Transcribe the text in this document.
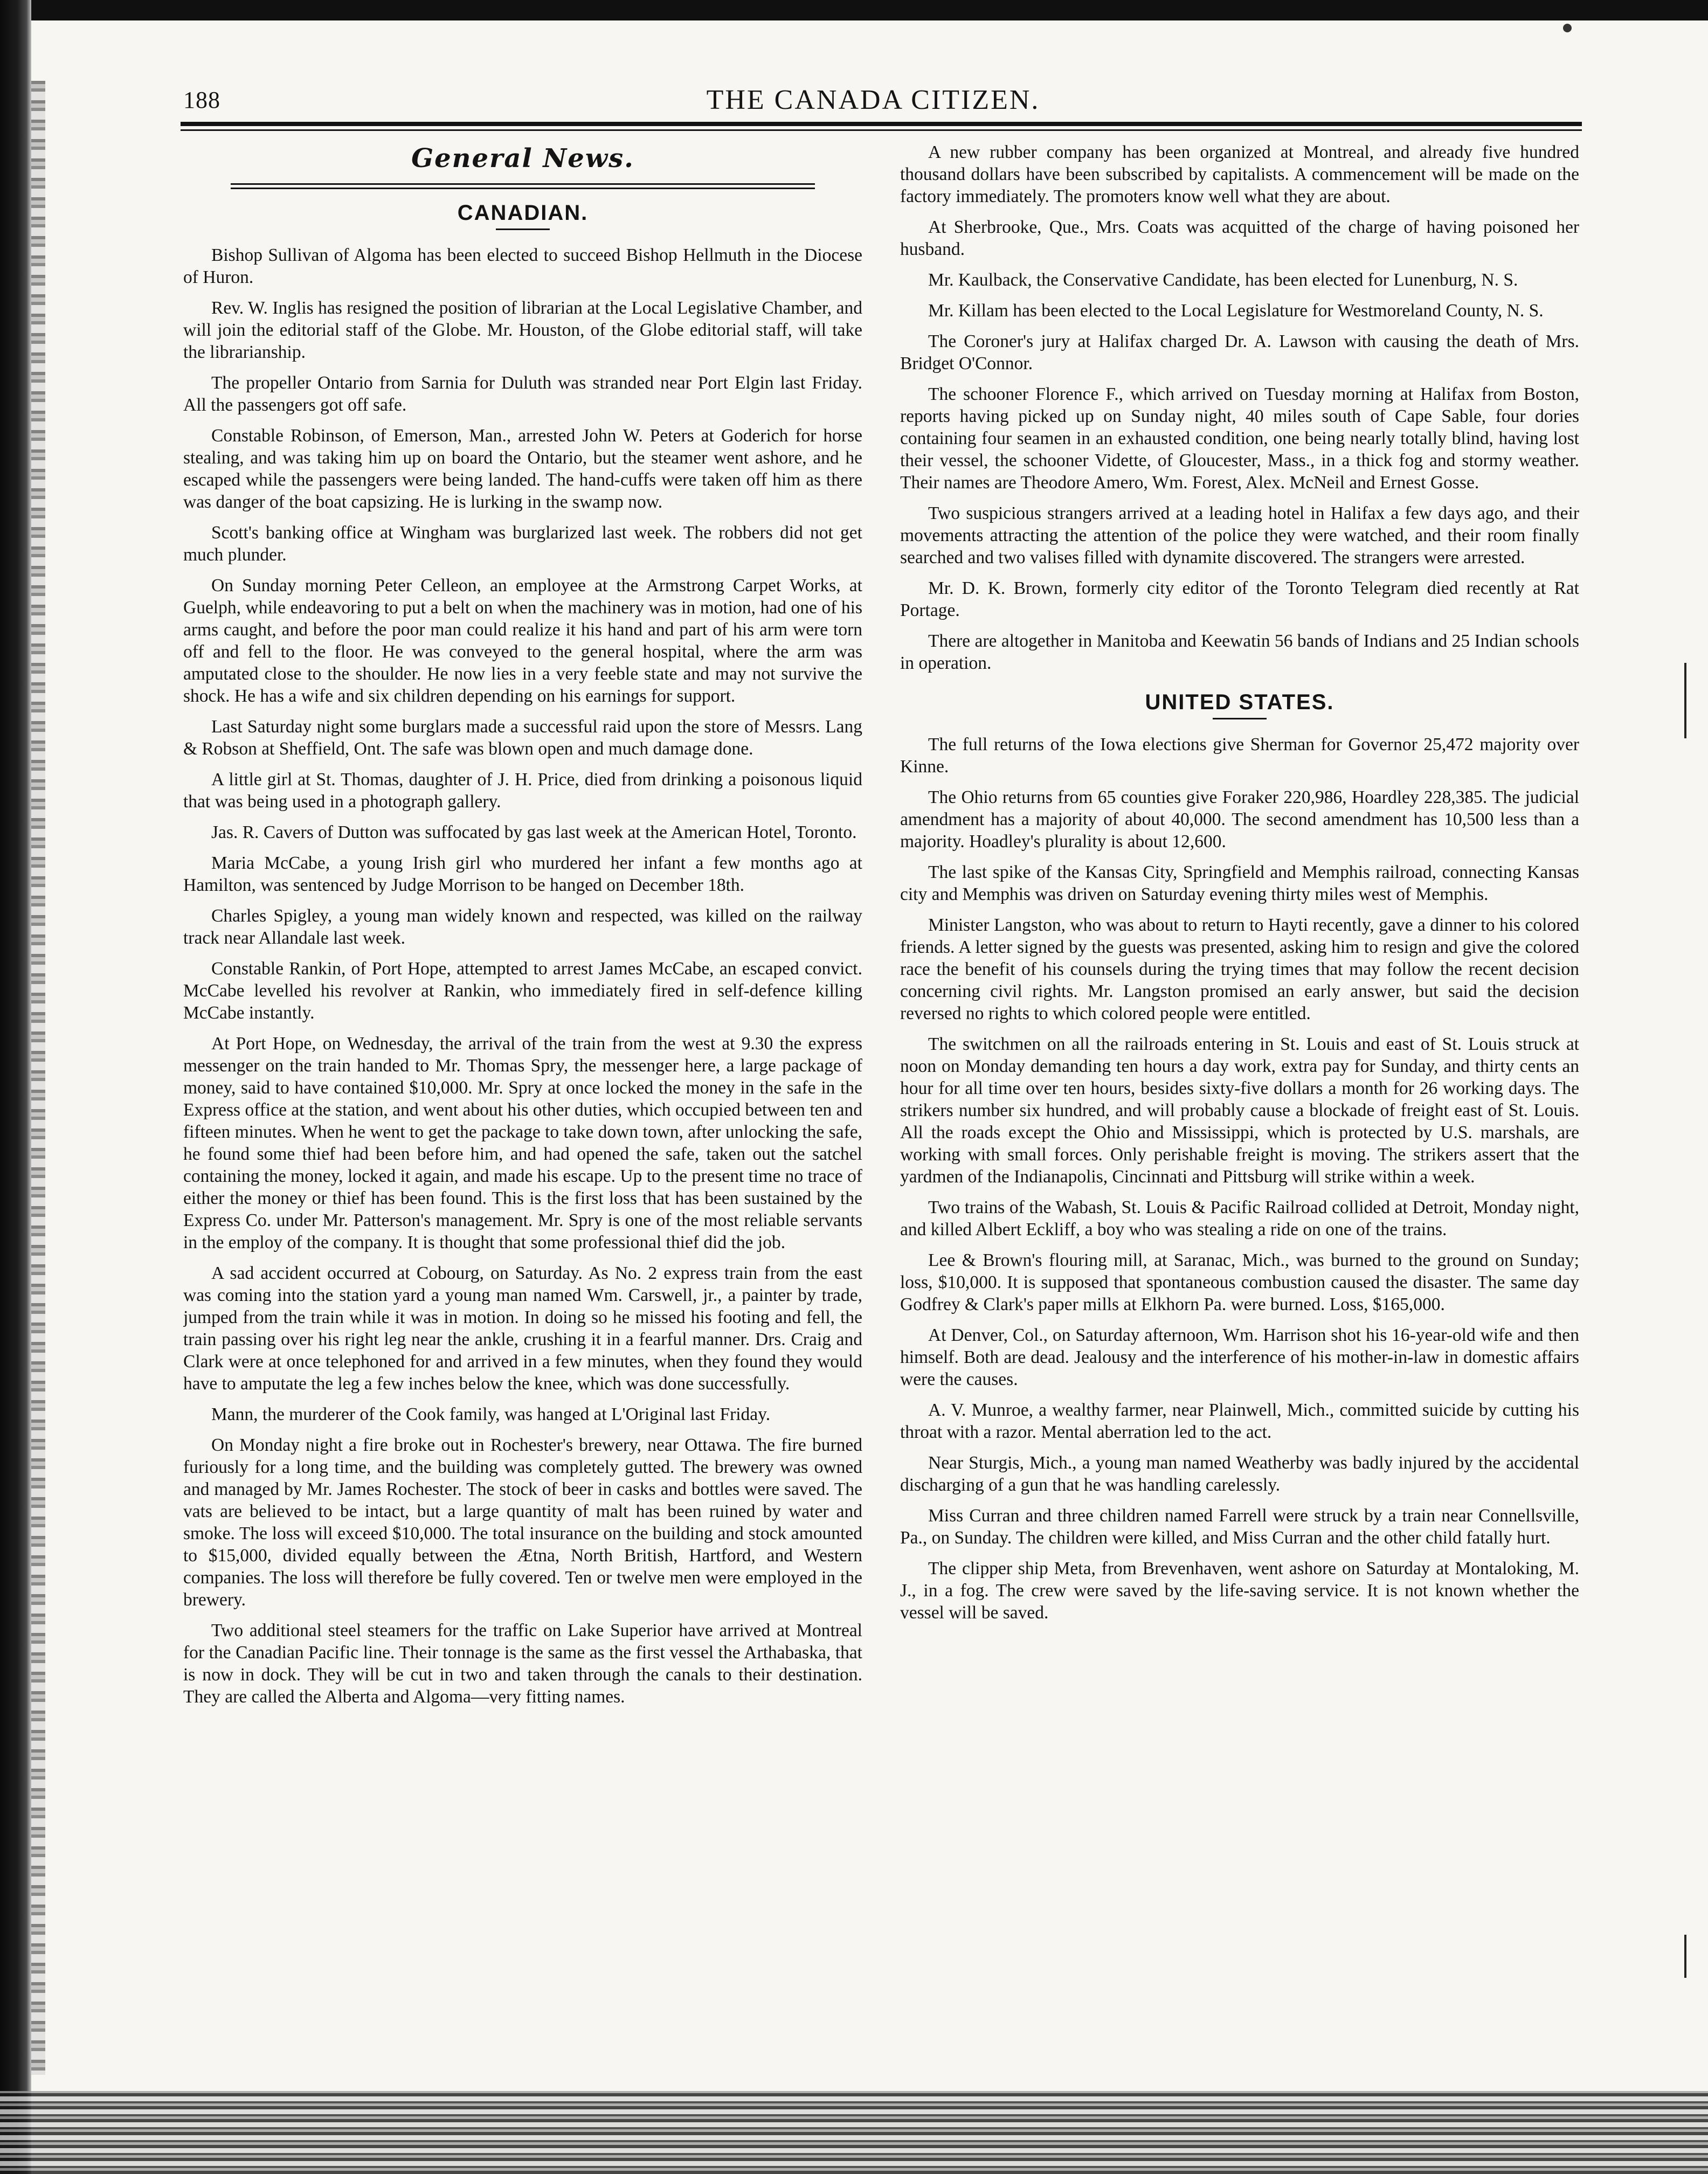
188	THE CANADA CITIZEN.
General News.
CANADIAN.

Bishop Sullivan of Algoma has been elected to succeed Bishop Hellmuth in the Diocese of Huron.

Rev. W. Inglis has resigned the position of librarian at the Local Legislative Chamber, and will join the editorial staff of the Globe. Mr. Houston, of the Globe editorial staff, will take the librarianship.

The propeller Ontario from Sarnia for Duluth was stranded near Port Elgin last Friday. All the passengers got off safe.

Constable Robinson, of Emerson, Man., arrested John W. Peters at Goderich for horse stealing, and was taking him up on board the Ontario, but the steamer went ashore, and he escaped while the passengers were being landed. The hand-cuffs were taken off him as there was danger of the boat capsizing. He is lurking in the swamp now.

Scott's banking office at Wingham was burglarized last week. The robbers did not get much plunder.

On Sunday morning Peter Celleon, an employee at the Armstrong Carpet Works, at Guelph, while endeavoring to put a belt on when the machinery was in motion, had one of his arms caught, and before the poor man could realize it his hand and part of his arm were torn off and fell to the floor. He was conveyed to the general hospital, where the arm was amputated close to the shoulder. He now lies in a very feeble state and may not survive the shock. He has a wife and six children depending on his earnings for support.

Last Saturday night some burglars made a successful raid upon the store of Messrs. Lang & Robson at Sheffield, Ont. The safe was blown open and much damage done.

A little girl at St. Thomas, daughter of J. H. Price, died from drinking a poisonous liquid that was being used in a photograph gallery.

Jas. R. Cavers of Dutton was suffocated by gas last week at the American Hotel, Toronto.

Maria McCabe, a young Irish girl who murdered her infant a few months ago at Hamilton, was sentenced by Judge Morrison to be hanged on December 18th.

Charles Spigley, a young man widely known and respected, was killed on the railway track near Allandale last week.

Constable Rankin, of Port Hope, attempted to arrest James McCabe, an escaped convict. McCabe levelled his revolver at Rankin, who immediately fired in self-defence killing McCabe instantly.

At Port Hope, on Wednesday, the arrival of the train from the west at 9.30 the express messenger on the train handed to Mr. Thomas Spry, the messenger here, a large package of money, said to have contained $10,000. Mr. Spry at once locked the money in the safe in the Express office at the station, and went about his other duties, which occupied between ten and fifteen minutes. When he went to get the package to take down town, after unlocking the safe, he found some thief had been before him, and had opened the safe, taken out the satchel containing the money, locked it again, and made his escape. Up to the present time no trace of either the money or thief has been found. This is the first loss that has been sustained by the Express Co. under Mr. Patterson's management. Mr. Spry is one of the most reliable servants in the employ of the company. It is thought that some professional thief did the job.

A sad accident occurred at Cobourg, on Saturday. As No. 2 express train from the east was coming into the station yard a young man named Wm. Carswell, jr., a painter by trade, jumped from the train while it was in motion. In doing so he missed his footing and fell, the train passing over his right leg near the ankle, crushing it in a fearful manner. Drs. Craig and Clark were at once telephoned for and arrived in a few minutes, when they found they would have to amputate the leg a few inches below the knee, which was done successfully.

Mann, the murderer of the Cook family, was hanged at L'Original last Friday.

On Monday night a fire broke out in Rochester's brewery, near Ottawa. The fire burned furiously for a long time, and the building was completely gutted. The brewery was owned and managed by Mr. James Rochester. The stock of beer in casks and bottles were saved. The vats are believed to be intact, but a large quantity of malt has been ruined by water and smoke. The loss will exceed $10,000. The total insurance on the building and stock amounted to $15,000, divided equally between the Ætna, North British, Hartford, and Western companies. The loss will therefore be fully covered. Ten or twelve men were employed in the brewery.

Two additional steel steamers for the traffic on Lake Superior have arrived at Montreal for the Canadian Pacific line. Their tonnage is the same as the first vessel the Arthabaska, that is now in dock. They will be cut in two and taken through the canals to their destination. They are called the Alberta and Algoma—very fitting names.

A new rubber company has been organized at Montreal, and already five hundred thousand dollars have been subscribed by capitalists. A commencement will be made on the factory immediately. The promoters know well what they are about.

At Sherbrooke, Que., Mrs. Coats was acquitted of the charge of having poisoned her husband.

Mr. Kaulback, the Conservative Candidate, has been elected for Lunenburg, N. S.

Mr. Killam has been elected to the Local Legislature for Westmoreland County, N. S.

The Coroner's jury at Halifax charged Dr. A. Lawson with causing the death of Mrs. Bridget O'Connor.

The schooner Florence F., which arrived on Tuesday morning at Halifax from Boston, reports having picked up on Sunday night, 40 miles south of Cape Sable, four dories containing four seamen in an exhausted condition, one being nearly totally blind, having lost their vessel, the schooner Vidette, of Gloucester, Mass., in a thick fog and stormy weather. Their names are Theodore Amero, Wm. Forest, Alex. McNeil and Ernest Gosse.

Two suspicious strangers arrived at a leading hotel in Halifax a few days ago, and their movements attracting the attention of the police they were watched, and their room finally searched and two valises filled with dynamite discovered. The strangers were arrested.

Mr. D. K. Brown, formerly city editor of the Toronto Telegram died recently at Rat Portage.

There are altogether in Manitoba and Keewatin 56 bands of Indians and 25 Indian schools in operation.

UNITED STATES.

The full returns of the Iowa elections give Sherman for Governor 25,472 majority over Kinne.

The Ohio returns from 65 counties give Foraker 220,986, Hoardley 228,385. The judicial amendment has a majority of about 40,000. The second amendment has 10,500 less than a majority. Hoadley's plurality is about 12,600.

The last spike of the Kansas City, Springfield and Memphis railroad, connecting Kansas city and Memphis was driven on Saturday evening thirty miles west of Memphis.

Minister Langston, who was about to return to Hayti recently, gave a dinner to his colored friends. A letter signed by the guests was presented, asking him to resign and give the colored race the benefit of his counsels during the trying times that may follow the recent decision concerning civil rights. Mr. Langston promised an early answer, but said the decision reversed no rights to which colored people were entitled.

The switchmen on all the railroads entering in St. Louis and east of St. Louis struck at noon on Monday demanding ten hours a day work, extra pay for Sunday, and thirty cents an hour for all time over ten hours, besides sixty-five dollars a month for 26 working days. The strikers number six hundred, and will probably cause a blockade of freight east of St. Louis. All the roads except the Ohio and Mississippi, which is protected by U.S. marshals, are working with small forces. Only perishable freight is moving. The strikers assert that the yardmen of the Indianapolis, Cincinnati and Pittsburg will strike within a week.

Two trains of the Wabash, St. Louis & Pacific Railroad collided at Detroit, Monday night, and killed Albert Eckliff, a boy who was stealing a ride on one of the trains.

Lee & Brown's flouring mill, at Saranac, Mich., was burned to the ground on Sunday; loss, $10,000. It is supposed that spontaneous combustion caused the disaster. The same day Godfrey & Clark's paper mills at Elkhorn Pa. were burned. Loss, $165,000.

At Denver, Col., on Saturday afternoon, Wm. Harrison shot his 16-year-old wife and then himself. Both are dead. Jealousy and the interference of his mother-in-law in domestic affairs were the causes.

A. V. Munroe, a wealthy farmer, near Plainwell, Mich., committed suicide by cutting his throat with a razor. Mental aberration led to the act.

Near Sturgis, Mich., a young man named Weatherby was badly injured by the accidental discharging of a gun that he was handling carelessly.

Miss Curran and three children named Farrell were struck by a train near Connellsville, Pa., on Sunday. The children were killed, and Miss Curran and the other child fatally hurt.

The clipper ship Meta, from Brevenhaven, went ashore on Saturday at Montaloking, M. J., in a fog. The crew were saved by the life-saving service. It is not known whether the vessel will be saved.
